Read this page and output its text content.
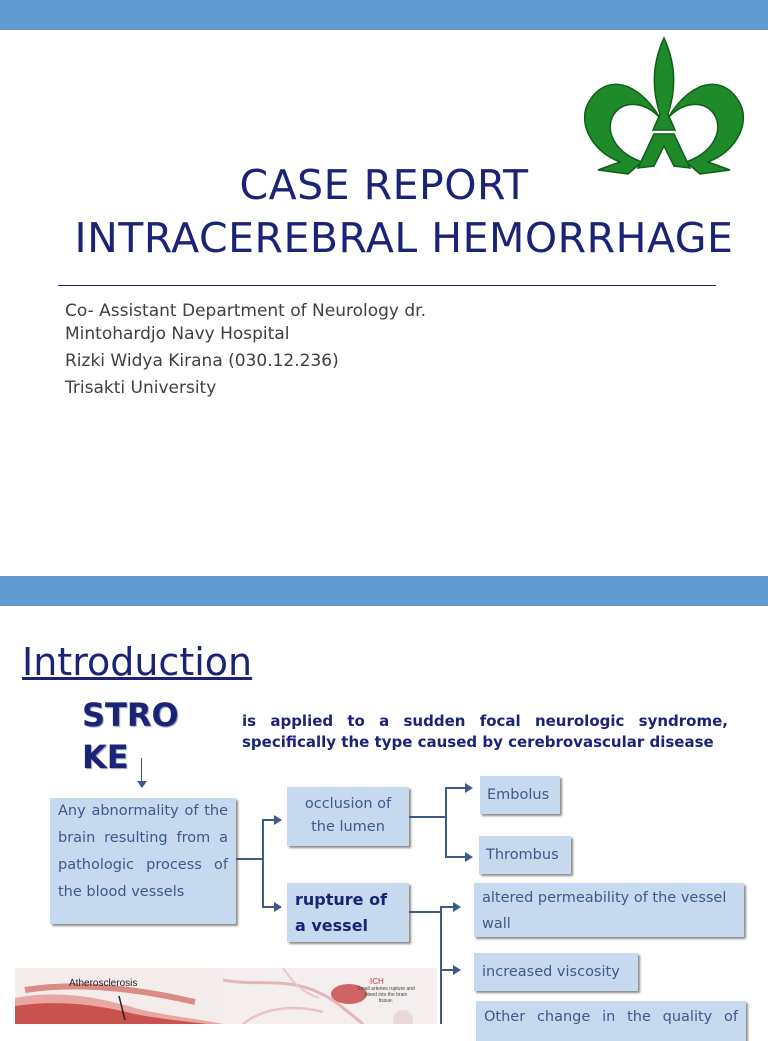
CASE REPORT
INTRACEREBRAL HEMORRHAGE
Co- Assistant Department of Neurology dr.
Mintohardjo Navy Hospital
Rizki Widya Kirana (030.12.236)
Trisakti University
Introduction
STRO
KE
is applied to a sudden focal neurologic syndrome,
specifically the type caused by cerebrovascular disease
Any abnormality of the brain resulting from a pathologic process of the blood vessels
occlusion of the lumen
Embolus
Thrombus
rupture of a vessel
altered permeability of the vessel wall
increased viscosity
Other change in the quality of
Atherosclerosis	ICH
Small arteries rupture and bleed into the brain tissue.
